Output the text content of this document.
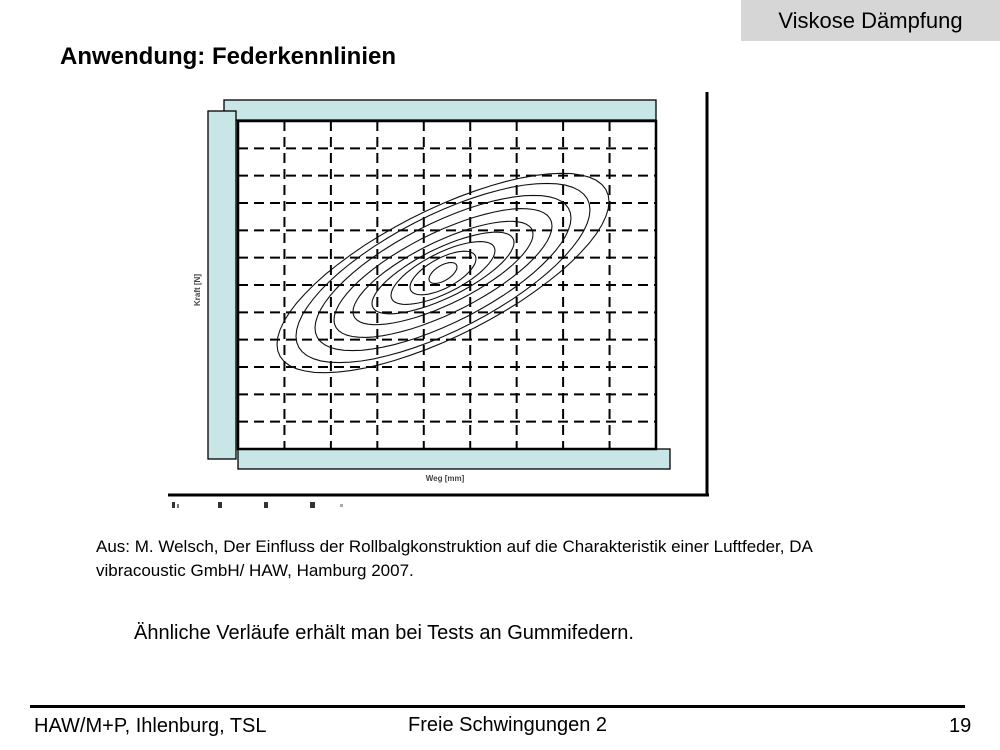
Viskose Dämpfung
Anwendung: Federkennlinien
Kraft [N]
Weg [mm]
Aus: M. Welsch, Der Einfluss der Rollbalgkonstruktion auf die Charakteristik einer Luftfeder, DA
vibracoustic GmbH/ HAW, Hamburg 2007.
Ähnliche Verläufe erhält man bei Tests an Gummifedern.
HAW/M+P, Ihlenburg, TSL	Freie Schwingungen 2	19
